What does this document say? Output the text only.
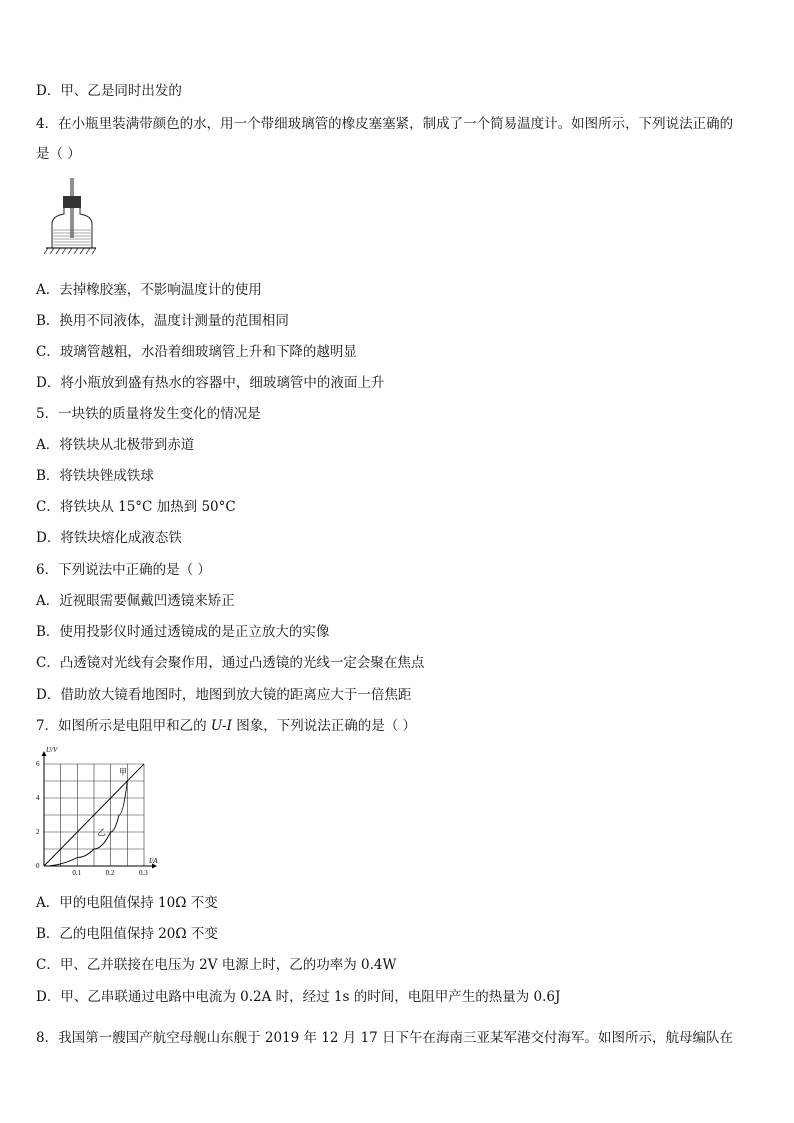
D．甲、乙是同时出发的
4．在小瓶里装满带颜色的水，用一个带细玻璃管的橡皮塞塞紧，制成了一个简易温度计。如图所示，下列说法正确的
是（ ）
A．去掉橡胶塞，不影响温度计的使用
B．换用不同液体，温度计测量的范围相同
C．玻璃管越粗，水沿着细玻璃管上升和下降的越明显
D．将小瓶放到盛有热水的容器中，细玻璃管中的液面上升
5．一块铁的质量将发生变化的情况是
A．将铁块从北极带到赤道
B．将铁块锉成铁球
C．将铁块从 15°C 加热到 50°C
D．将铁块熔化成液态铁
6．下列说法中正确的是（ ）
A．近视眼需要佩戴凹透镜来矫正
B．使用投影仪时通过透镜成的是正立放大的实像
C．凸透镜对光线有会聚作用，通过凸透镜的光线一定会聚在焦点
D．借助放大镜看地图时，地图到放大镜的距离应大于一倍焦距
7．如图所示是电阻甲和乙的 U-I 图象，下列说法正确的是（ ）
U/V
I/A
0
0.1	0.2	0.3
2
4
6
甲
乙
A．甲的电阻值保持 10Ω 不变
B．乙的电阻值保持 20Ω 不变
C．甲、乙并联接在电压为 2V 电源上时，乙的功率为 0.4W
D．甲、乙串联通过电路中电流为 0.2A 时，经过 1s 的时间，电阻甲产生的热量为 0.6J
8．我国第一艘国产航空母舰山东舰于 2019 年 12 月 17 日下午在海南三亚某军港交付海军。如图所示，航母编队在
